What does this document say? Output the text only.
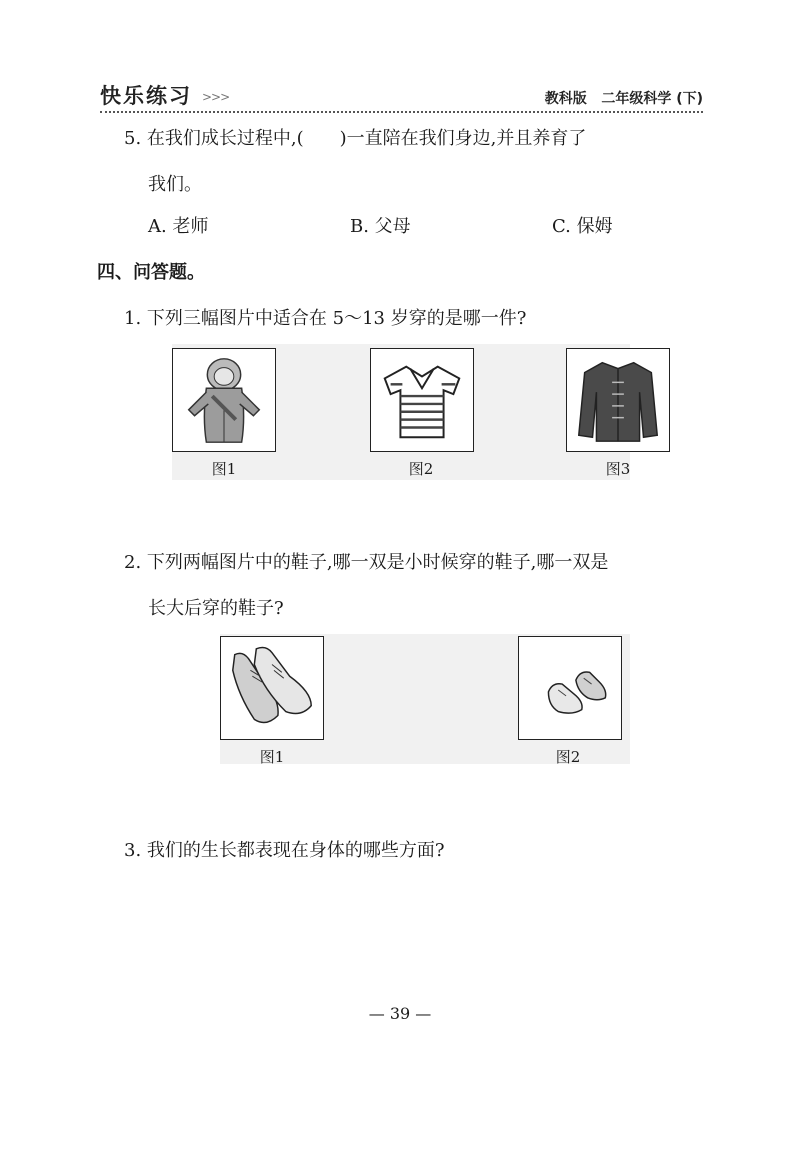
快乐练习 >>>	教科版   二年级科学 (下)
5. 在我们成长过程中,(　　)一直陪在我们身边,并且养育了
我们。
A. 老师	B. 父母	C. 保姆
四、问答题。
1. 下列三幅图片中适合在 5～13 岁穿的是哪一件?
图1	图2	图3
2. 下列两幅图片中的鞋子,哪一双是小时候穿的鞋子,哪一双是
长大后穿的鞋子?
图1	图2
3. 我们的生长都表现在身体的哪些方面?
— 39 —
